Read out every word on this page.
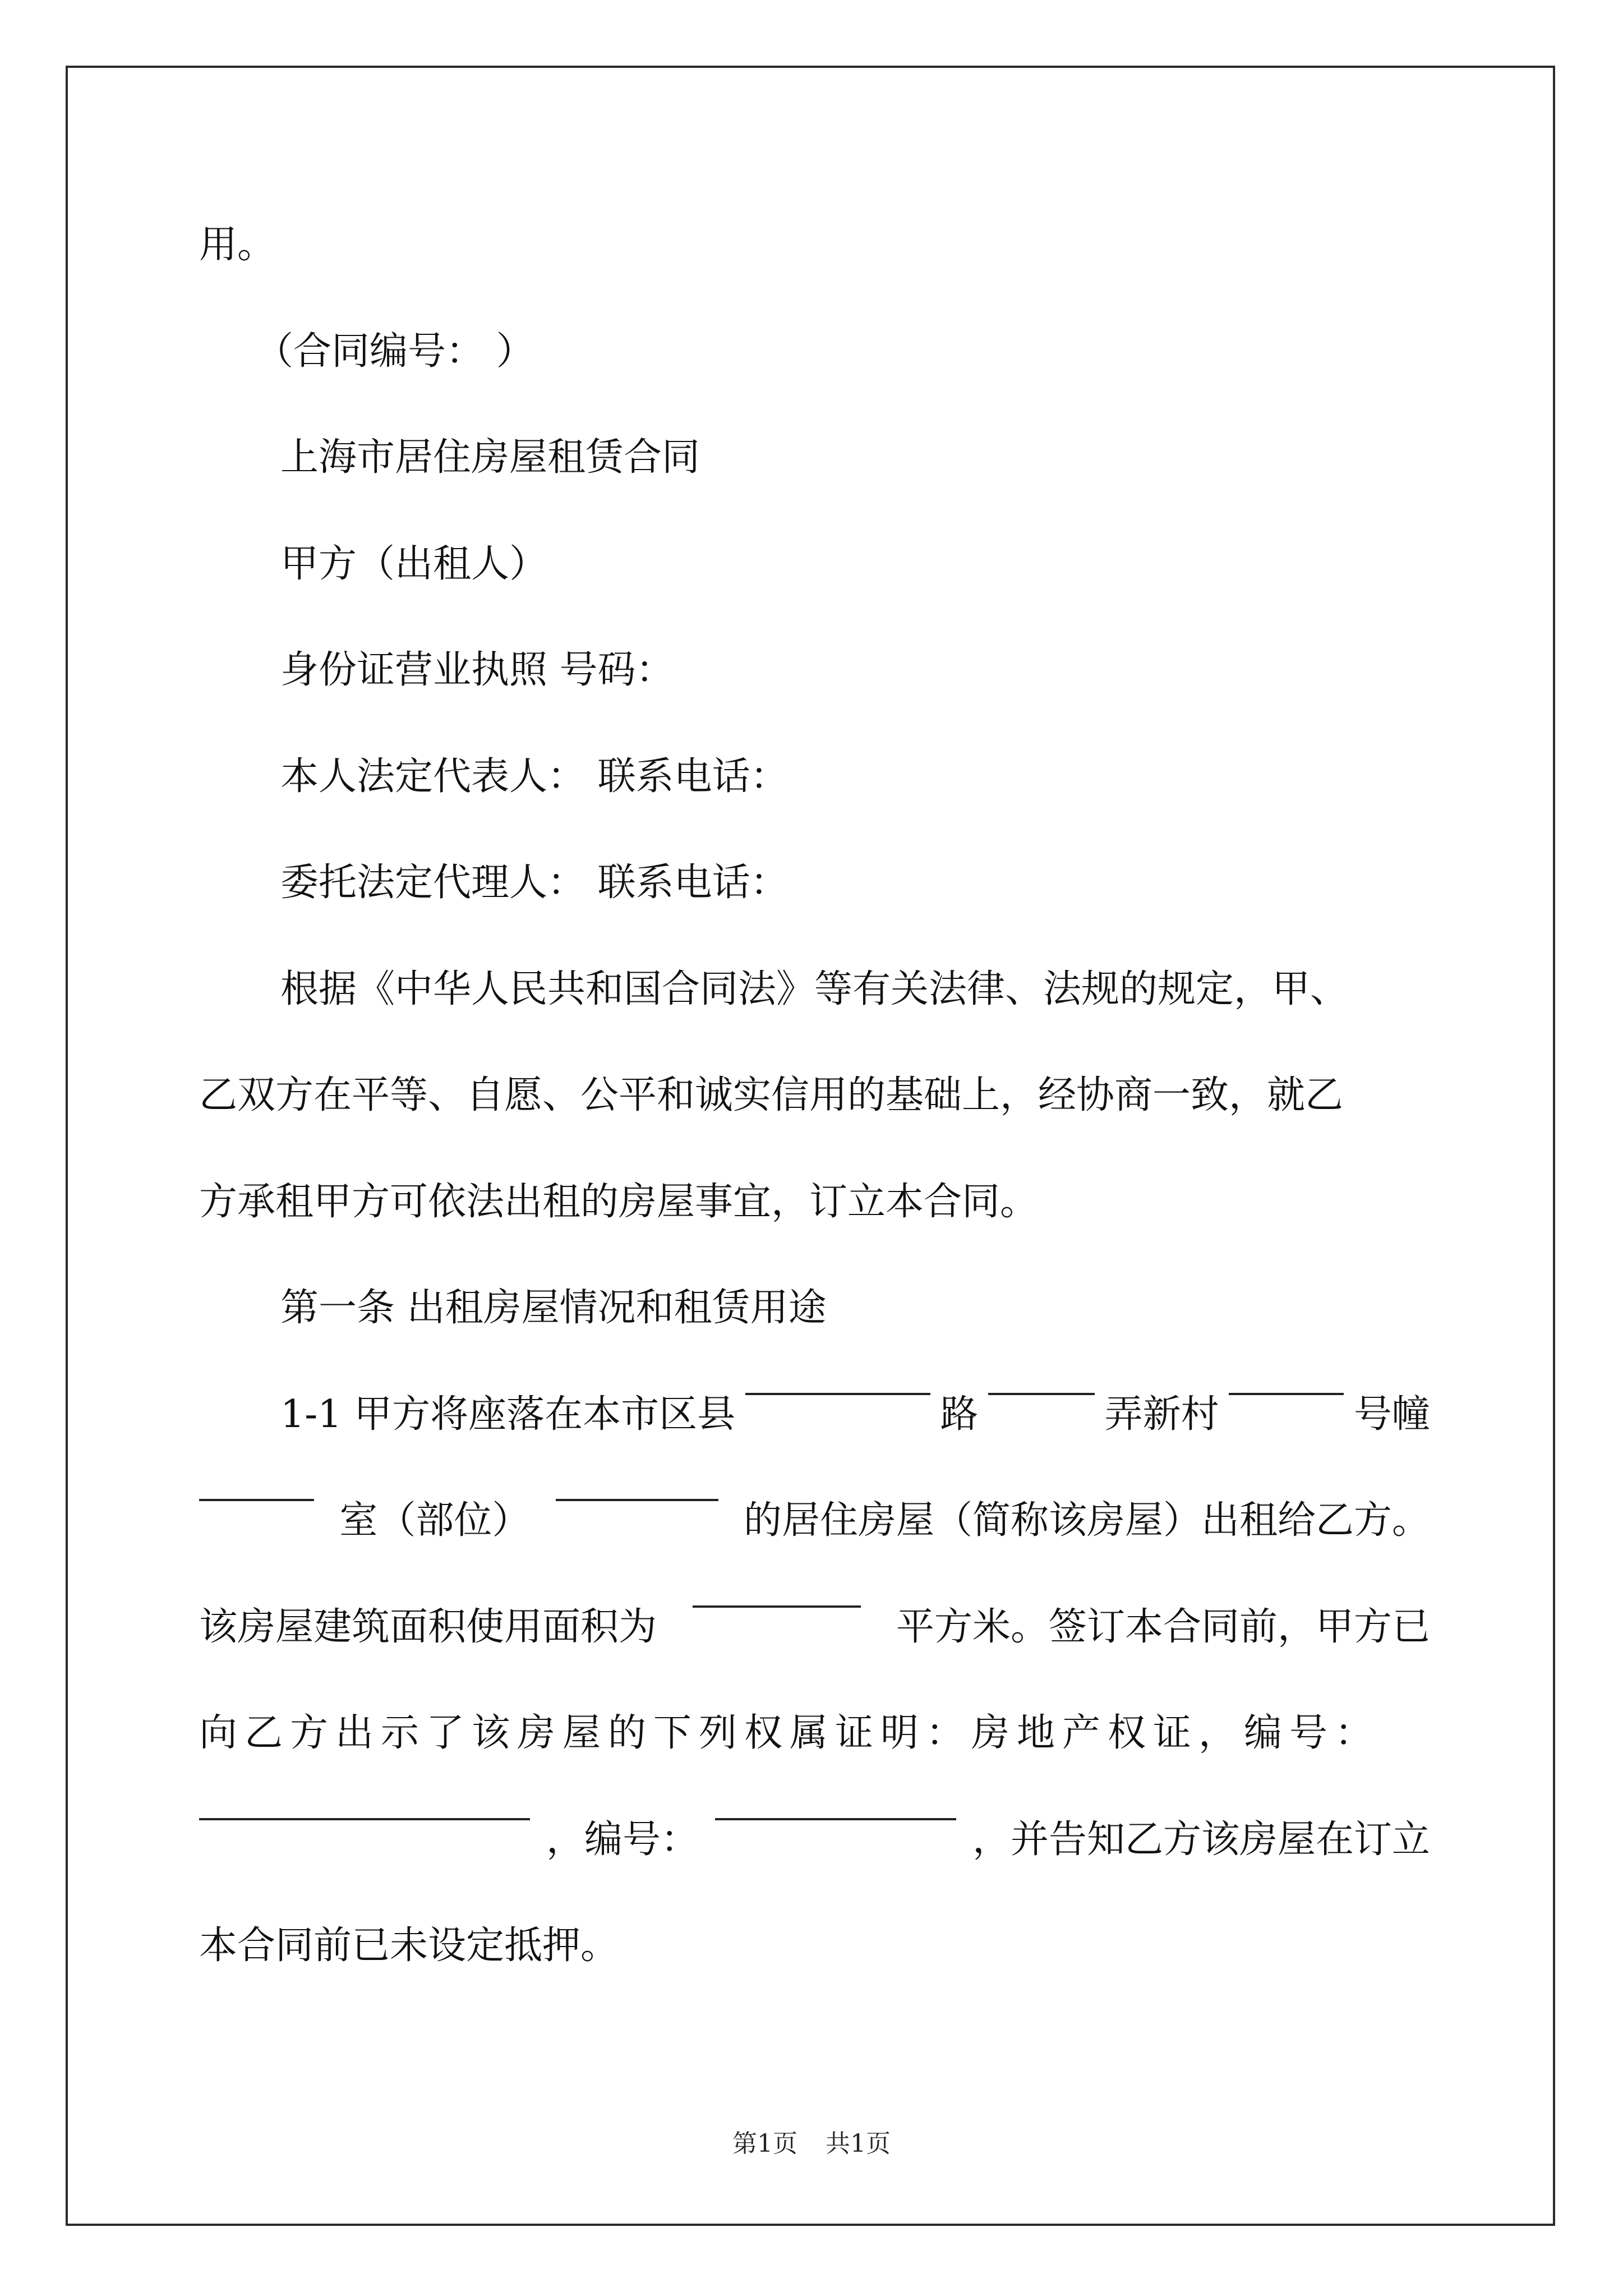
用。
（合同编号： ）
上海市居住房屋租赁合同
甲方（出租人）
身份证营业执照 号码：
本人法定代表人： 联系电话：
委托法定代理人： 联系电话：
根据《中华人民共和国合同法》等有关法律、法规的规定，甲、
乙双方在平等、自愿、公平和诚实信用的基础上，经协商一致，就乙
方承租甲方可依法出租的房屋事宜，订立本合同。
第一条 出租房屋情况和租赁用途
1-1 甲方将座落在本市区县	路	弄新村	号幢
室（部位）	的居住房屋（简称该房屋）出租给乙方。
该房屋建筑面积使用面积为	平方米。签订本合同前，甲方已
向乙方出示了该房屋的下列权属证明：房地产权证，编号：
，编号：	，并告知乙方该房屋在订立
本合同前已未设定抵押。
第1页 共1页
